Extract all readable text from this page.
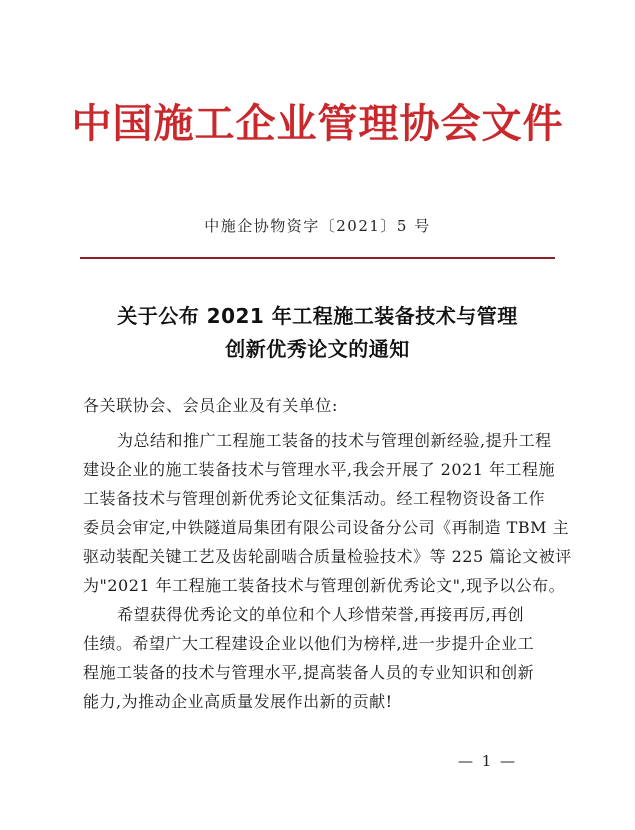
中国施工企业管理协会文件
中施企协物资字〔2021〕5 号
关于公布 2021 年工程施工装备技术与管理
创新优秀论文的通知

各关联协会、会员企业及有关单位:

为总结和推广工程施工装备的技术与管理创新经验,提升工程
建设企业的施工装备技术与管理水平,我会开展了 2021 年工程施
工装备技术与管理创新优秀论文征集活动。经工程物资设备工作
委员会审定,中铁隧道局集团有限公司设备分公司《再制造 TBM 主
驱动装配关键工艺及齿轮副啮合质量检验技术》等 225 篇论文被评
为"2021 年工程施工装备技术与管理创新优秀论文",现予以公布。

希望获得优秀论文的单位和个人珍惜荣誉,再接再厉,再创
佳绩。希望广大工程建设企业以他们为榜样,进一步提升企业工
程施工装备的技术与管理水平,提高装备人员的专业知识和创新
能力,为推动企业高质量发展作出新的贡献!

— 1 —
